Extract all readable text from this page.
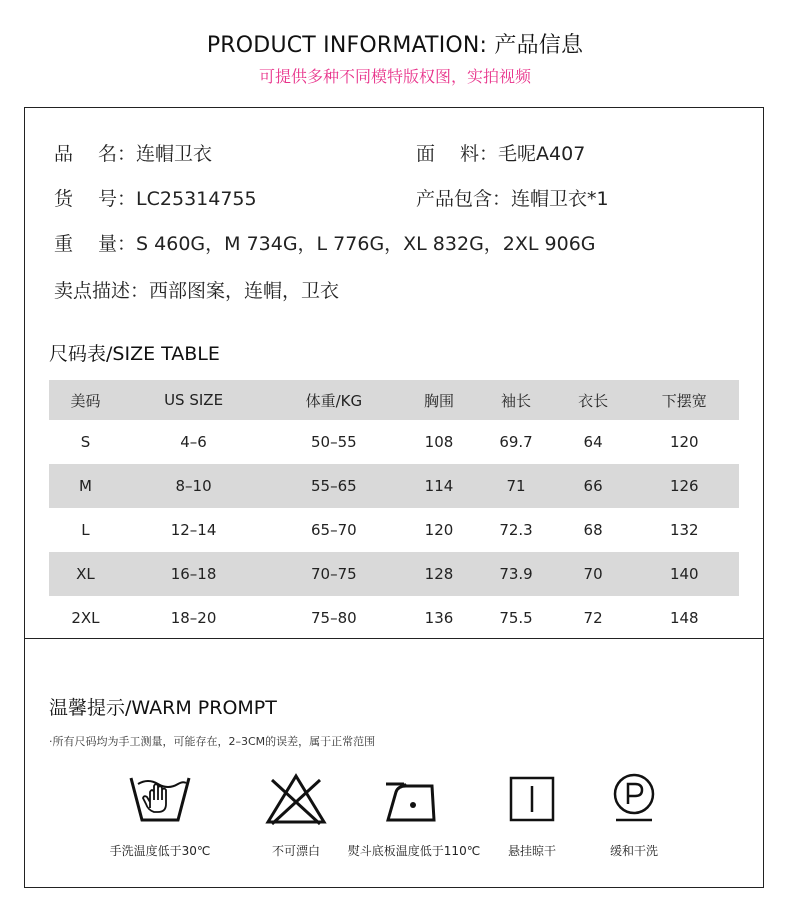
PRODUCT INFORMATION: 产品信息
可提供多种不同模特版权图，实拍视频
品　 名：连帽卫衣	面　 料：毛呢A407
货　 号：LC25314755	产品包含：连帽卫衣*1
重　 量：S 460G，M 734G，L 776G，XL 832G，2XL 906G
卖点描述：西部图案，连帽，卫衣
尺码表/SIZE TABLE
美码	US SIZE	体重/KG	胸围	袖长	衣长	下摆宽
S	4–6	50–55	108	69.7	64	120
M	8–10	55–65	114	71	66	126
L	12–14	65–70	120	72.3	68	132
XL	16–18	70–75	128	73.9	70	140
2XL	18–20	75–80	136	75.5	72	148
温馨提示/WARM PROMPT
·所有尺码均为手工测量，可能存在，2–3CM的误差，属于正常范围
手洗温度低于30℃	不可漂白	熨斗底板温度低于110℃	悬挂晾干	缓和干洗
